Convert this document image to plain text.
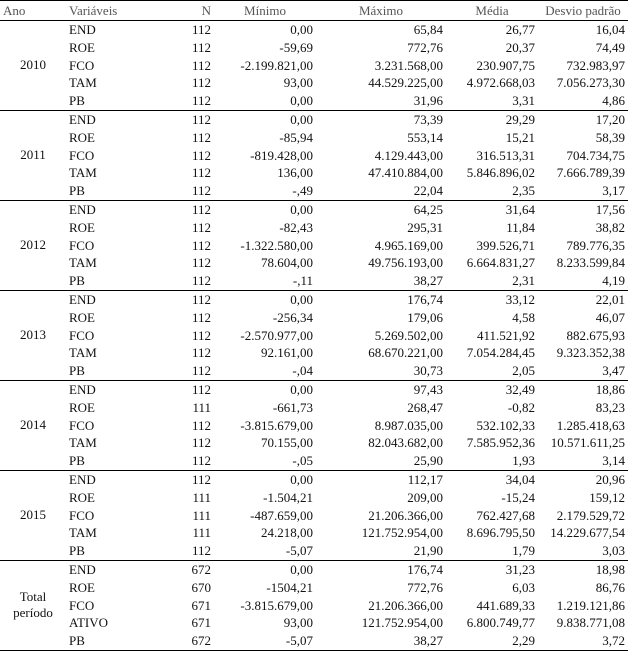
Ano	Variáveis	N	Mínimo	Máximo	Média	Desvio padrão
2010	END	112	0,00	65,84	26,77	16,04
	ROE	112	-59,69	772,76	20,37	74,49
	FCO	112	-2.199.821,00	3.231.568,00	230.907,75	732.983,97
	TAM	112	93,00	44.529.225,00	4.972.668,03	7.056.273,30
	PB	112	0,00	31,96	3,31	4,86
2011	END	112	0,00	73,39	29,29	17,20
	ROE	112	-85,94	553,14	15,21	58,39
	FCO	112	-819.428,00	4.129.443,00	316.513,31	704.734,75
	TAM	112	136,00	47.410.884,00	5.846.896,02	7.666.789,39
	PB	112	-,49	22,04	2,35	3,17
2012	END	112	0,00	64,25	31,64	17,56
	ROE	112	-82,43	295,31	11,84	38,82
	FCO	112	-1.322.580,00	4.965.169,00	399.526,71	789.776,35
	TAM	112	78.604,00	49.756.193,00	6.664.831,27	8.233.599,84
	PB	112	-,11	38,27	2,31	4,19
2013	END	112	0,00	176,74	33,12	22,01
	ROE	112	-256,34	179,06	4,58	46,07
	FCO	112	-2.570.977,00	5.269.502,00	411.521,92	882.675,93
	TAM	112	92.161,00	68.670.221,00	7.054.284,45	9.323.352,38
	PB	112	-,04	30,73	2,05	3,47
2014	END	112	0,00	97,43	32,49	18,86
	ROE	111	-661,73	268,47	-0,82	83,23
	FCO	112	-3.815.679,00	8.987.035,00	532.102,33	1.285.418,63
	TAM	112	70.155,00	82.043.682,00	7.585.952,36	10.571.611,25
	PB	112	-,05	25,90	1,93	3,14
2015	END	112	0,00	112,17	34,04	20,96
	ROE	111	-1.504,21	209,00	-15,24	159,12
	FCO	111	-487.659,00	21.206.366,00	762.427,68	2.179.529,72
	TAM	111	24.218,00	121.752.954,00	8.696.795,50	14.229.677,54
	PB	112	-5,07	21,90	1,79	3,03
Total período	END	672	0,00	176,74	31,23	18,98
	ROE	670	-1504,21	772,76	6,03	86,76
	FCO	671	-3.815.679,00	21.206.366,00	441.689,33	1.219.121,86
	ATIVO	671	93,00	121.752.954,00	6.800.749,77	9.838.771,08
	PB	672	-5,07	38,27	2,29	3,72
